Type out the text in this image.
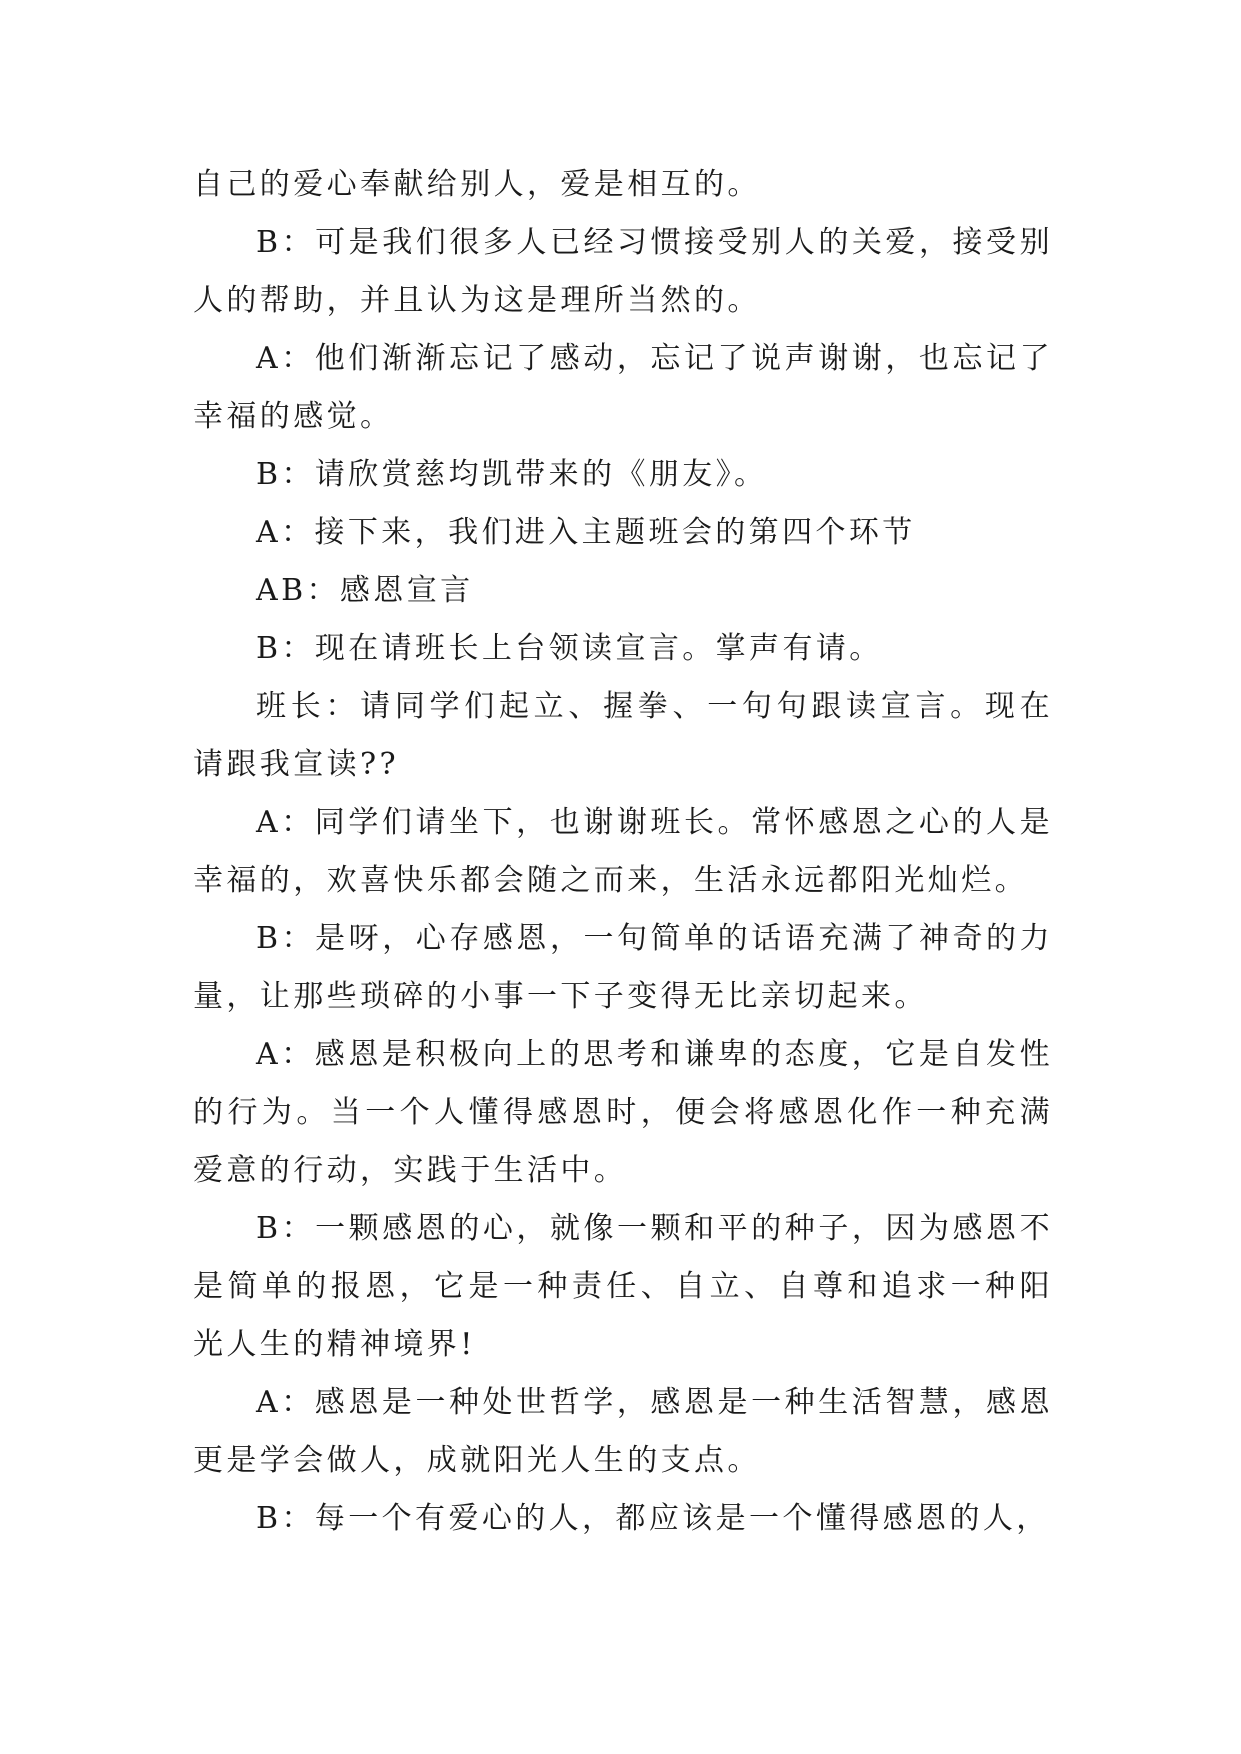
自己的爱心奉献给别人，爱是相互的。

B：可是我们很多人已经习惯接受别人的关爱，接受别人的帮助，并且认为这是理所当然的。

A：他们渐渐忘记了感动，忘记了说声谢谢，也忘记了幸福的感觉。

B：请欣赏慈均凯带来的《朋友》。

A：接下来，我们进入主题班会的第四个环节

AB：感恩宣言

B：现在请班长上台领读宣言。掌声有请。

班长：请同学们起立、握拳、一句句跟读宣言。现在请跟我宣读??

A：同学们请坐下，也谢谢班长。常怀感恩之心的人是幸福的，欢喜快乐都会随之而来，生活永远都阳光灿烂。

B：是呀，心存感恩，一句简单的话语充满了神奇的力量，让那些琐碎的小事一下子变得无比亲切起来。

A：感恩是积极向上的思考和谦卑的态度，它是自发性的行为。当一个人懂得感恩时，便会将感恩化作一种充满爱意的行动，实践于生活中。

B：一颗感恩的心，就像一颗和平的种子，因为感恩不是简单的报恩，它是一种责任、自立、自尊和追求一种阳光人生的精神境界!

A：感恩是一种处世哲学，感恩是一种生活智慧，感恩更是学会做人，成就阳光人生的支点。

B：每一个有爱心的人，都应该是一个懂得感恩的人，
